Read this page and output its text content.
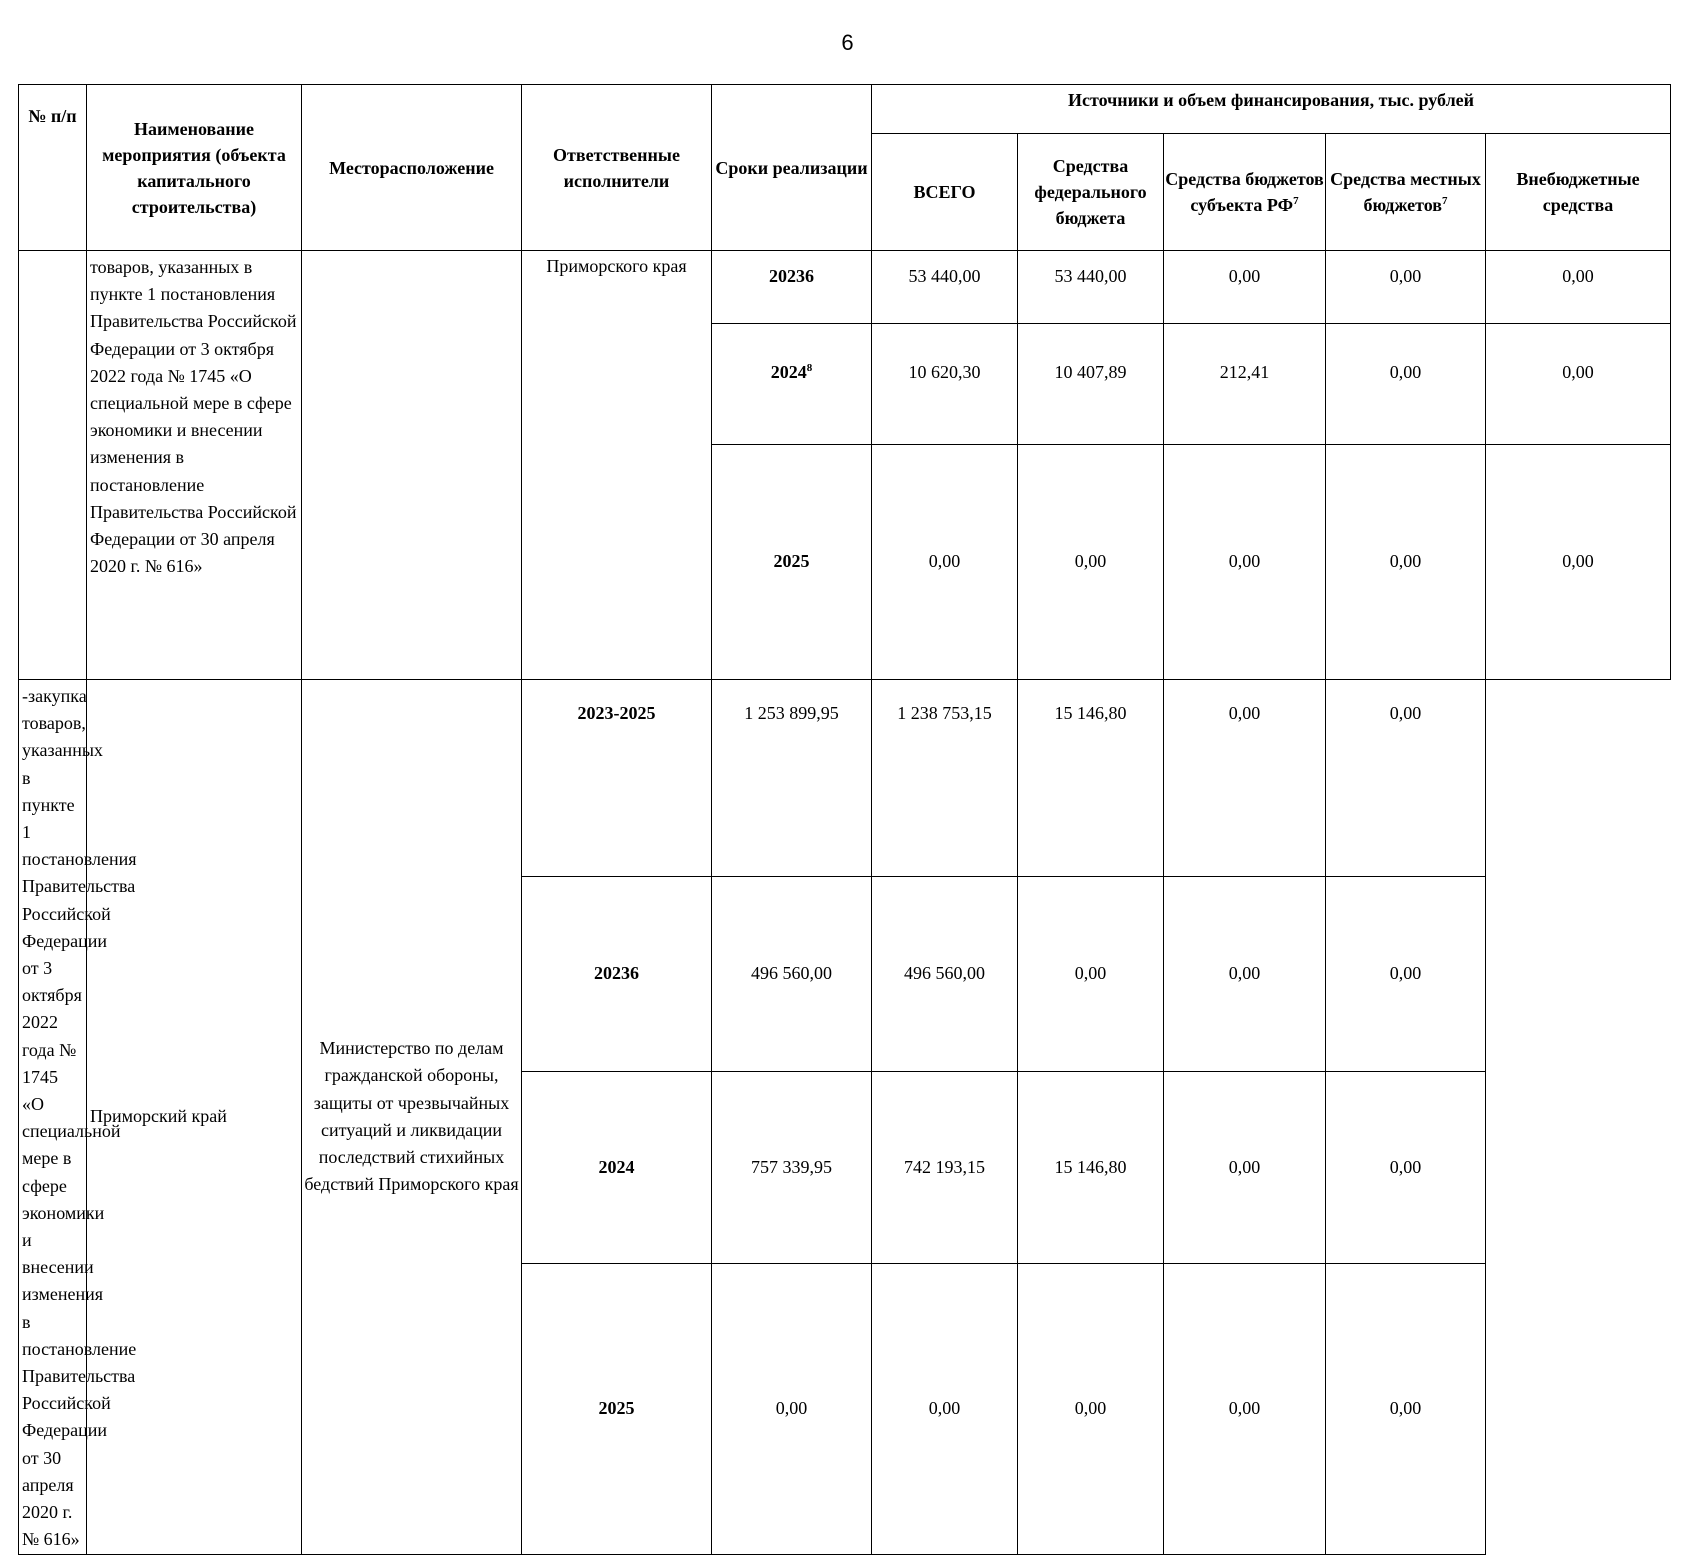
6
№ п/п	Наименование мероприятия (объекта капитального строительства)	Месторасположение	Ответственные исполнители	Сроки реализации	Источники и объем финансирования, тыс. рублей				
					ВСЕГО	Средства федерального бюджета	Средства бюджетов субъекта $РФ^7$	Средства местных бюджетов$^7$	Внебюджетные средства
	товаров, указанных в пункте 1 постановления Правительства Российской Федерации от 3 октября 2022 года № 1745 «О специальной мере в сфере экономики и внесении изменения в постановление Правительства Российской Федерации от 30 апреля 2020 г. № 616»		Приморского края	20236	53 440,00	53 440,00	0,00	0,00	0,00
				2024$^8$	10 620,30	10 407,89	212,41	0,00	0,00
				2025	0,00	0,00	0,00	0,00	0,00
-закупка товаров, указанных в пункте 1 постановления Правительства Российской Федерации от 3 октября 2022 года № 1745 «О специальной мере в сфере экономики и внесении изменения в постановление Правительства Российской Федерации от 30 апреля 2020 г. № 616»	Приморский край	Министерство по делам гражданской обороны, защиты от чрезвычайных ситуаций и ликвидации последствий стихийных бедствий Приморского края	2023-2025	1 253 899,95	1 238 753,15	15 146,80	0,00	0,00	
			20236	496 560,00	496 560,00	0,00	0,00	0,00	
			2024	757 339,95	742 193,15	15 146,80	0,00	0,00	
			2025	0,00	0,00	0,00	0,00	0,00	
